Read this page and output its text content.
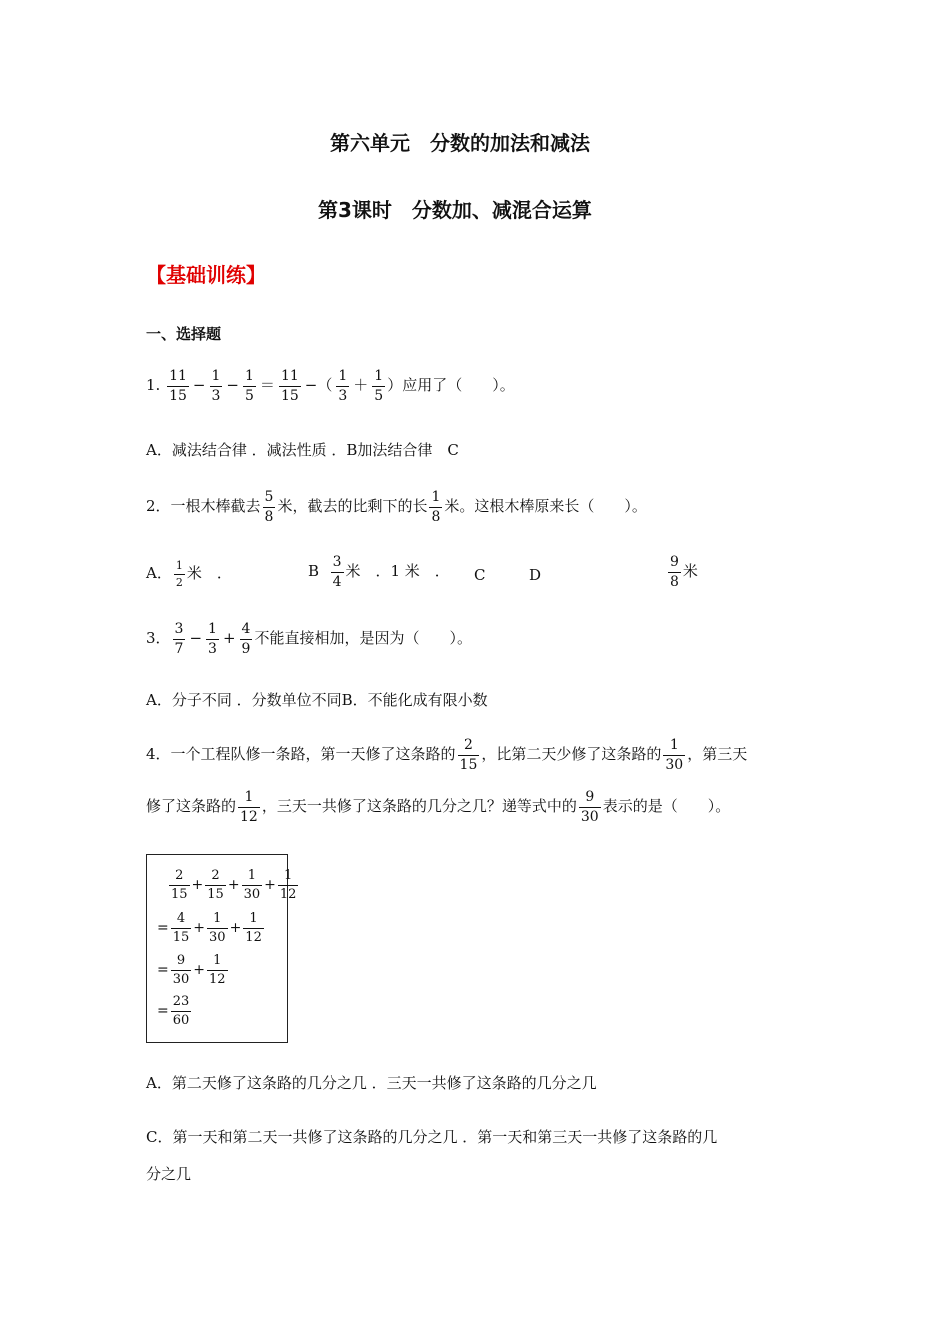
第六单元　分数的加法和减法
第3课时　分数加、减混合运算
【基础训练】
一、选择题
1. $\frac{11}{15} - \frac{1}{3} - \frac{1}{5} = \frac{11}{15}$ −（ $\frac{1}{3} + \frac{1}{5}$ ）应用了（　　）。
A．减法结合律 ．减法性质 ．B加法结合律　C
2．一根木棒截去 $\frac{5}{8}$ 米，截去的比剩下的长 $\frac{1}{8}$ 米。这根木棒原来长（　　）。
A． $\frac{1}{2}$ 米　．	B $\frac{3}{4}$ 米　．1 米　． C	D	$\frac{9}{8}$ 米
3． $\frac{3}{7} - \frac{1}{3} + \frac{4}{9}$ 不能直接相加，是因为（　　）。
A．分子不同 ．分数单位不同B．不能化成有限小数
4．一个工程队修一条路，第一天修了这条路的 $\frac{2}{15}$ ，比第二天少修了这条路的 $\frac{1}{30}$ ，第三天
修了这条路的 $\frac{1}{12}$ ，三天一共修了这条路的几分之几？递等式中的 $\frac{9}{30}$ 表示的是（　　）。
$\frac{2}{15} + \frac{2}{15} + \frac{1}{30} + \frac{1}{12}$
= $\frac{4}{15} + \frac{1}{30} + \frac{1}{12}$
= $\frac{9}{30} + \frac{1}{12}$
= $\frac{23}{60}$
A．第二天修了这条路的几分之几 ．三天一共修了这条路的几分之几
C．第一天和第二天一共修了这条路的几分之几 ．第一天和第三天一共修了这条路的几
分之几
